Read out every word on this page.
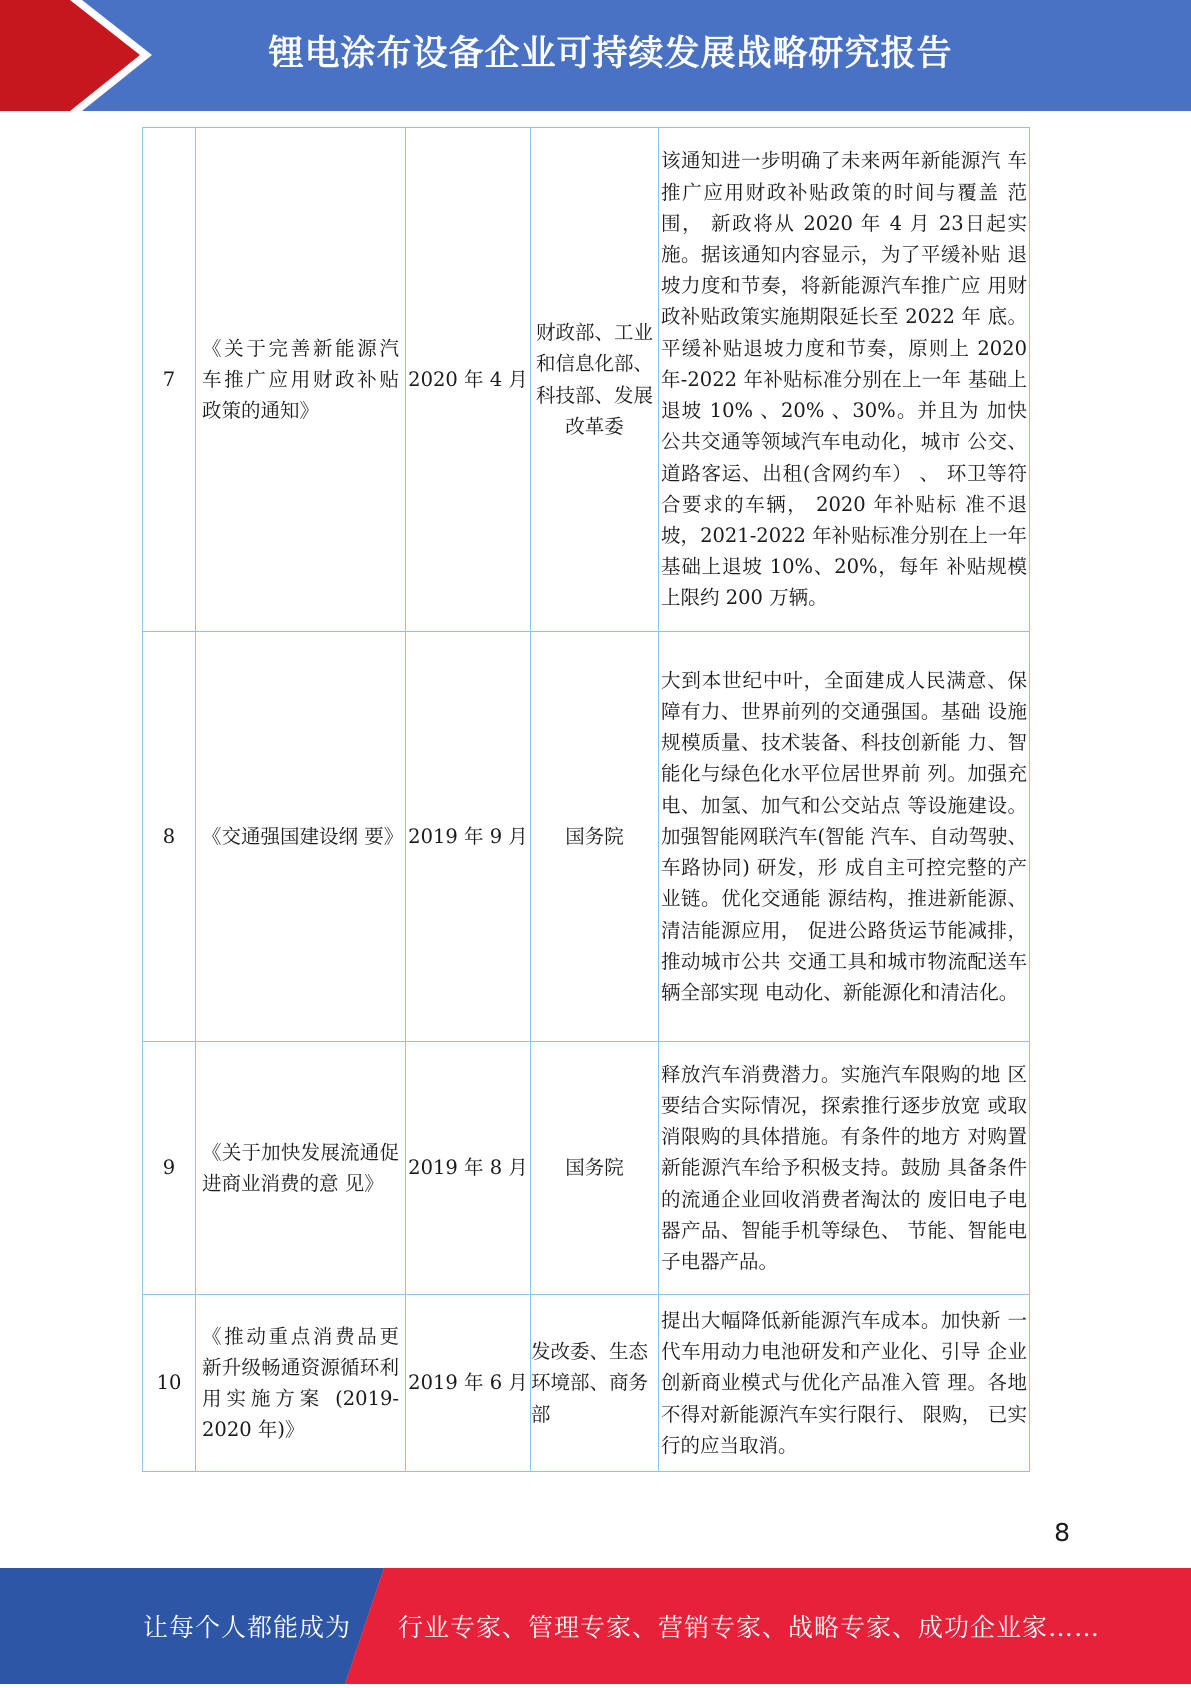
锂电涂布设备企业可持续发展战略研究报告
7	《关于完善新能源汽 车推广应用财政补贴 政策的通知》	2020 年 4 月	财政部、工业和信息化部、科技部、发展改革委	该通知进一步明确了未来两年新能源汽 车推广应用财政补贴政策的时间与覆盖 范围， 新政将从 2020 年 4 月 23日起实 施。据该通知内容显示，为了平缓补贴 退坡力度和节奏，将新能源汽车推广应 用财政补贴政策实施期限延长至 2022 年 底。平缓补贴退坡力度和节奏，原则上 2020 年-2022 年补贴标准分别在上一年 基础上退坡 10% 、20% 、30%。并且为 加快公共交通等领域汽车电动化，城市 公交、道路客运、出租(含网约车） 、 环卫等符合要求的车辆， 2020 年补贴标 准不退坡，2021-2022 年补贴标准分别在上一年基础上退坡 10%、20%，每年 补贴规模上限约 200 万辆。
8	《交通强国建设纲 要》	2019 年 9 月	国务院	大到本世纪中叶，全面建成人民满意、保障有力、世界前列的交通强国。基础 设施规模质量、技术装备、科技创新能 力、智能化与绿色化水平位居世界前 列。加强充电、加氢、加气和公交站点 等设施建设。加强智能网联汽车(智能 汽车、自动驾驶、车路协同) 研发，形 成自主可控完整的产业链。优化交通能 源结构，推进新能源、清洁能源应用， 促进公路货运节能减排，推动城市公共 交通工具和城市物流配送车辆全部实现 电动化、新能源化和清洁化。
9	《关于加快发展流通促进商业消费的意 见》	2019 年 8 月	国务院	释放汽车消费潜力。实施汽车限购的地 区要结合实际情况，探索推行逐步放宽 或取消限购的具体措施。有条件的地方 对购置新能源汽车给予积极支持。鼓励 具备条件的流通企业回收消费者淘汰的 废旧电子电器产品、智能手机等绿色、 节能、智能电子电器产品。
10	《推动重点消费品更 新升级畅通资源循环利用实施方案 (2019-2020 年)》	2019 年 6 月	发改委、生态环境部、商务部	提出大幅降低新能源汽车成本。加快新 一代车用动力电池研发和产业化、引导 企业创新商业模式与优化产品准入管 理。各地不得对新能源汽车实行限行、 限购， 已实行的应当取消。
8
让每个人都能成为 行业专家、管理专家、营销专家、战略专家、成功企业家……
